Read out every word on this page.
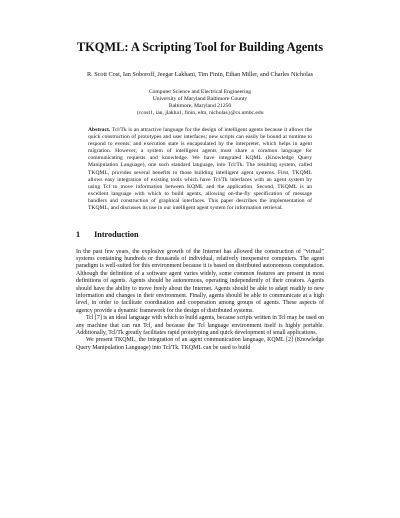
TKQML: A Scripting Tool for Building Agents

R. Scott Cost, Ian Soboroff, Jeegar Lakhani, Tim Finin, Ethan Miller, and Charles Nicholas

Computer Science and Electrical Engineering
University of Maryland Baltimore County
Baltimore, Maryland 21250
{rcost1, ian, jlakha1, finin, elm, nicholas}@cs.umbc.edu

Abstract. Tcl/Tk is an attractive language for the design of intelligent agents because it allows the quick construction of prototypes and user interfaces; new scripts can easily be bound at runtime to respond to events; and execution state is encapsulated by the interpreter, which helps in agent migration. However, a system of intelligent agents must share a common language for communicating requests and knowledge. We have integrated KQML (Knowledge Query Manipulation Language), one such standard language, into Tcl/Tk. The resulting system, called TKQML, provides several benefits to those building intelligent agent systems. First, TKQML allows easy integration of existing tools which have Tcl/Tk interfaces with an agent system by using Tcl to move information between KQML and the application. Second, TKQML is an excellent language with which to build agents, allowing on-the-fly specification of message handlers and construction of graphical interfaces. This paper describes the implementation of TKQML, and discusses its use in our intelligent agent system for information retrieval.

1 Introduction

In the past few years, the explosive growth of the Internet has allowed the construction of “virtual” systems containing hundreds or thousands of individual, relatively inexpensive computers. The agent paradigm is well-suited for this environment because it is based on distributed autonomous computation. Although the definition of a software agent varies widely, some common features are present in most definitions of agents. Agents should be autonomous, operating independently of their creators. Agents should have the ability to move freely about the Internet. Agents should be able to adapt readily to new information and changes in their environment. Finally, agents should be able to communicate at a high level, in order to facilitate coordination and cooperation among groups of agents. These aspects of agency provide a dynamic framework for the design of distributed systems.

Tcl [7] is an ideal language with which to build agents, because scripts written in Tcl may be used on any machine that can run Tcl, and because the Tcl language environment itself is highly portable. Additionally, Tcl/Tk greatly facilitates rapid prototyping and quick development of small applications.

We present TKQML, the integration of an agent communication language, KQML [2] (Knowledge Query Manipulation Language) into Tcl/Tk. TKQML can be used to build
